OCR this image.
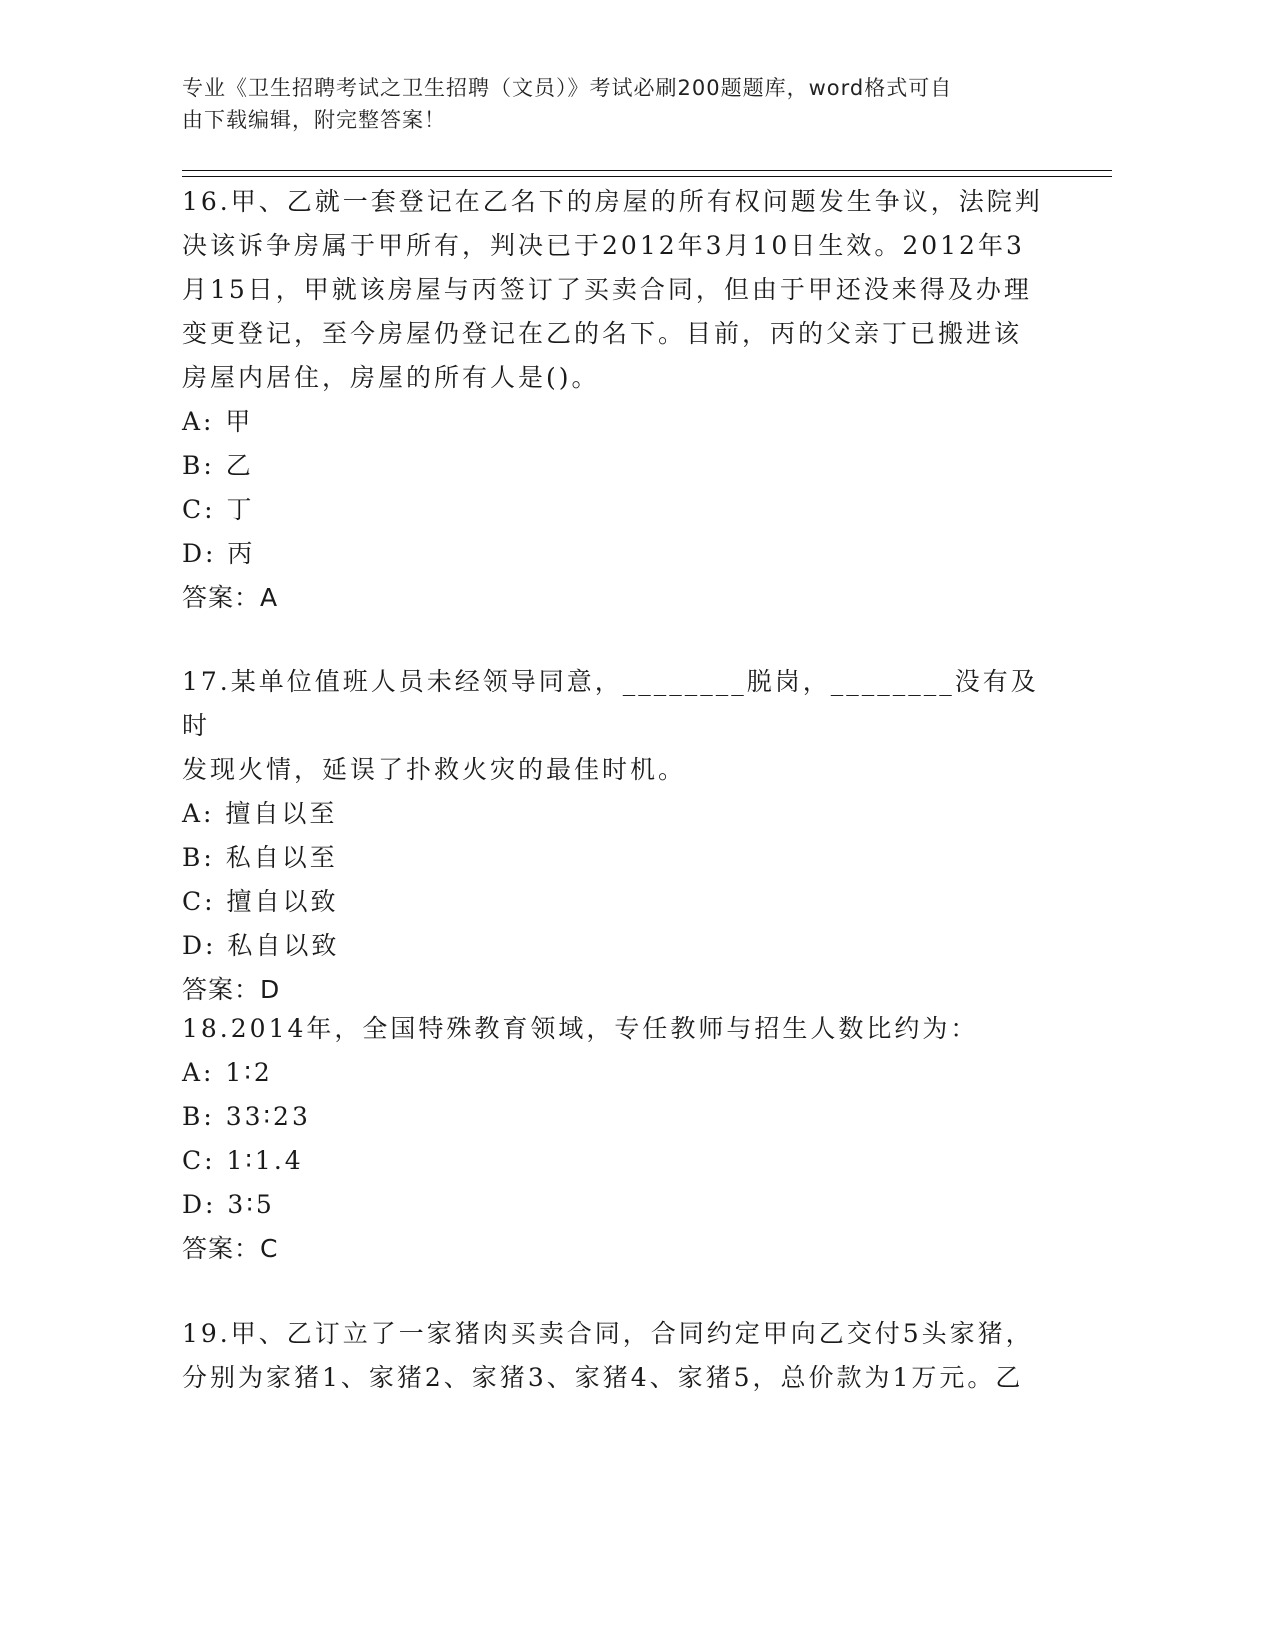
专业《卫生招聘考试之卫生招聘（文员）》考试必刷200题题库，word格式可自
由下载编辑，附完整答案！

16.甲、乙就一套登记在乙名下的房屋的所有权问题发生争议，法院判

决该诉争房属于甲所有，判决已于2012年3月10日生效。2012年3

月15日，甲就该房屋与丙签订了买卖合同，但由于甲还没来得及办理

变更登记，至今房屋仍登记在乙的名下。目前，丙的父亲丁已搬进该

房屋内居住，房屋的所有人是()。

A: 甲

B: 乙

C: 丁

D: 丙

答案：A

17.某单位值班人员未经领导同意，________脱岗，________没有及时

发现火情，延误了扑救火灾的最佳时机。

A: 擅自以至

B: 私自以至

C: 擅自以致

D: 私自以致

答案：D

18.2014年，全国特殊教育领域，专任教师与招生人数比约为：

A: 1∶2

B: 33∶23

C: 1∶1.4

D: 3∶5

答案：C

19.甲、乙订立了一家猪肉买卖合同，合同约定甲向乙交付5头家猪，

分别为家猪1、家猪2、家猪3、家猪4、家猪5，总价款为1万元。乙
